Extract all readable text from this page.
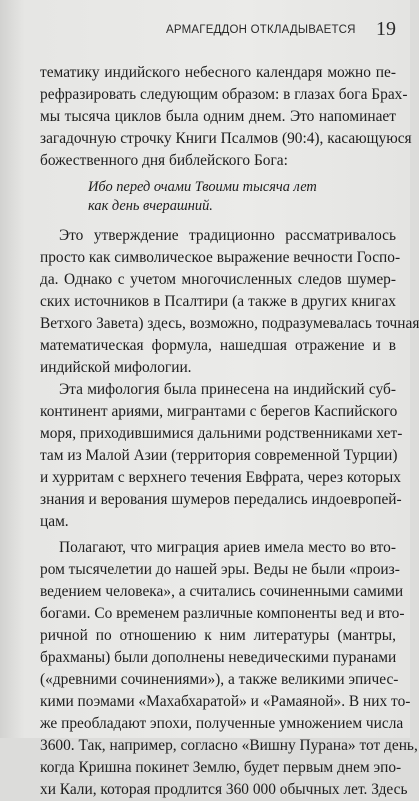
АРМАГЕДДОН ОТКЛАДЫВАЕТСЯ 19
тематику индийского небесного календаря можно пе-
рефразировать следующим образом: в глазах бога Брах-
мы тысяча циклов была одним днем. Это напоминает
загадочную строчку Книги Псалмов (90:4), касающуюся
божественного дня библейского Бога:
Ибо перед очами Твоими тысяча лет
как день вчерашний.
Это утверждение традиционно рассматривалось
просто как символическое выражение вечности Госпо-
да. Однако с учетом многочисленных следов шумер-
ских источников в Псалтири (а также в других книгах
Ветхого Завета) здесь, возможно, подразумевалась точная
математическая формула, нашедшая отражение и в
индийской мифологии.
Эта мифология была принесена на индийский суб-
континент ариями, мигрантами с берегов Каспийского
моря, приходившимися дальними родственниками хет-
там из Малой Азии (территория современной Турции)
и хурритам с верхнего течения Евфрата, через которых
знания и верования шумеров передались индоевропей-
цам.
Полагают, что миграция ариев имела место во вто-
ром тысячелетии до нашей эры. Веды не были «произ-
ведением человека», а считались сочиненными самими
богами. Со временем различные компоненты вед и вто-
ричной по отношению к ним литературы (мантры,
брахманы) были дополнены неведическими пуранами
(«древними сочинениями»), а также великими эпичес-
кими поэмами «Махабхаратой» и «Рамаяной». В них то-
же преобладают эпохи, полученные умножением числа
3600. Так, например, согласно «Вишну Пурана» тот день,
когда Кришна покинет Землю, будет первым днем эпо-
хи Кали, которая продлится 360 000 обычных лет. Здесь
